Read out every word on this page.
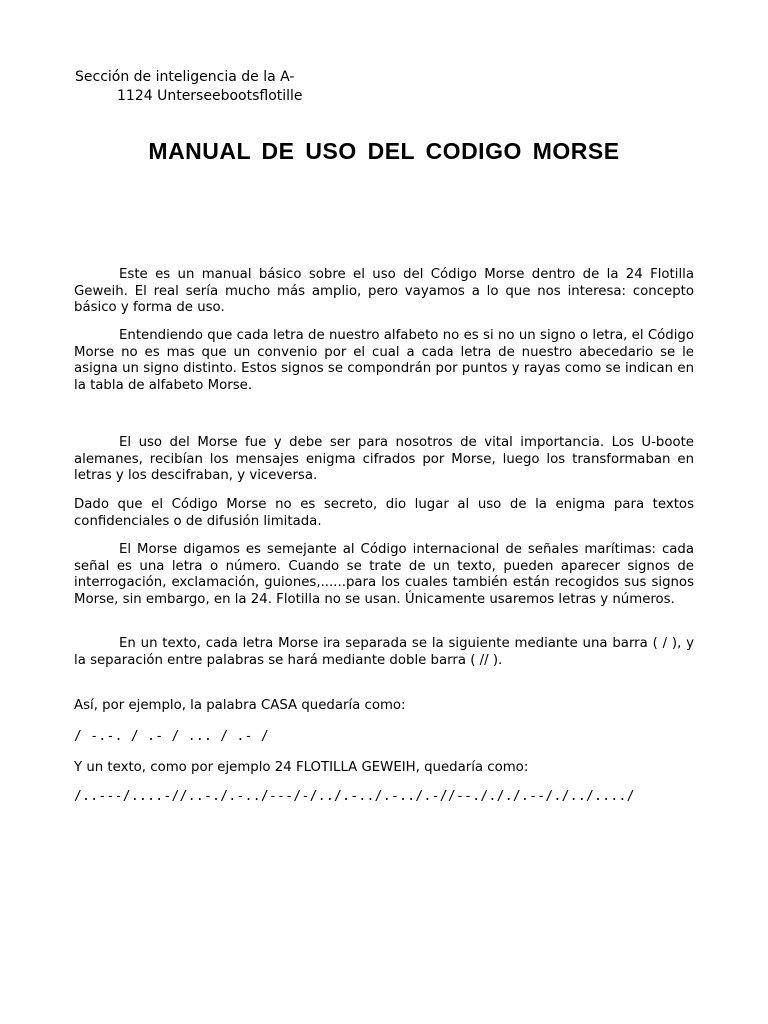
Sección de inteligencia de la A-
1124 Unterseebootsflotille
MANUAL DE USO DEL CODIGO MORSE

Este es un manual básico sobre el uso del Código Morse dentro de la 24 Flotilla Geweih. El real sería mucho más amplio, pero vayamos a lo que nos interesa: concepto básico y forma de uso.

Entendiendo que cada letra de nuestro alfabeto no es si no un signo o letra, el Código Morse no es mas que un convenio por el cual a cada letra de nuestro abecedario se le asigna un signo distinto. Estos signos se compondrán por puntos y rayas como se indican en la tabla de alfabeto Morse.

El uso del Morse fue y debe ser para nosotros de vital importancia. Los U-boote alemanes, recibían los mensajes enigma cifrados por Morse, luego los transformaban en letras y los descifraban, y viceversa.

Dado que el Código Morse no es secreto, dio lugar al uso de la enigma para textos confidenciales o de difusión limitada.

El Morse digamos es semejante al Código internacional de señales marítimas: cada señal es una letra o número. Cuando se trate de un texto, pueden aparecer signos de interrogación, exclamación, guiones,......para los cuales también están recogidos sus signos Morse, sin embargo, en la 24. Flotilla no se usan. Únicamente usaremos letras y números.

En un texto, cada letra Morse ira separada se la siguiente mediante una barra ( / ), y la separación entre palabras se hará mediante doble barra ( // ).

Así, por ejemplo, la palabra CASA quedaría como:

/ -.-. / .- / ... / .- /

Y un texto, como por ejemplo 24 FLOTILLA GEWEIH, quedaría como:

/..---/....-//..-./.-../---/-/../.-../.-../.-//--./././.--/./../..../
